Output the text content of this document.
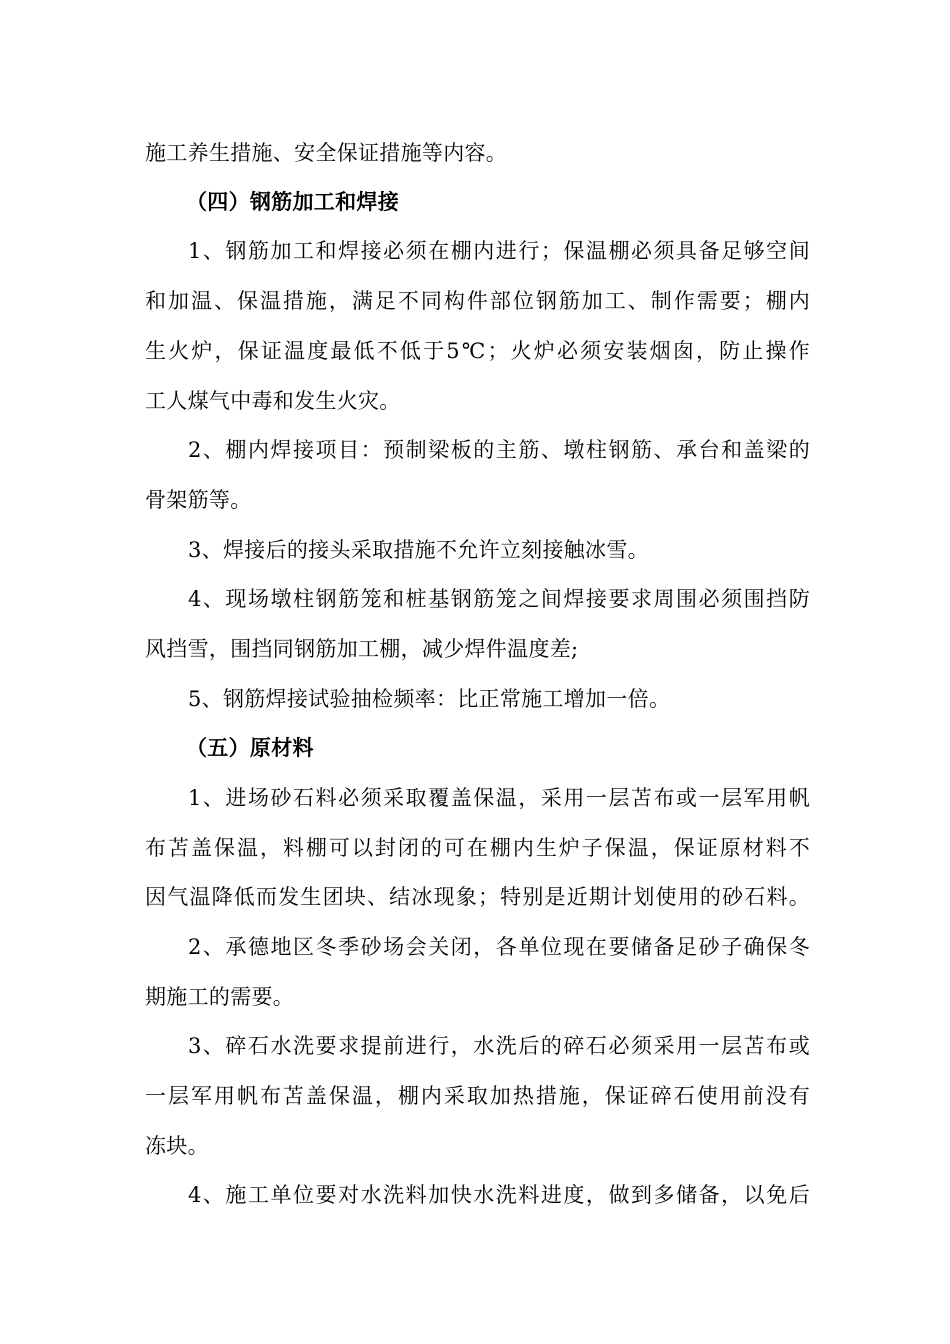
施工养生措施、安全保证措施等内容。
（四）钢筋加工和焊接
1、钢筋加工和焊接必须在棚内进行；保温棚必须具备足够空间
和加温、保温措施，满足不同构件部位钢筋加工、制作需要；棚内
生火炉，保证温度最低不低于5℃；火炉必须安装烟囱，防止操作
工人煤气中毒和发生火灾。
2、棚内焊接项目：预制梁板的主筋、墩柱钢筋、承台和盖梁的
骨架筋等。
3、焊接后的接头采取措施不允许立刻接触冰雪。
4、现场墩柱钢筋笼和桩基钢筋笼之间焊接要求周围必须围挡防
风挡雪，围挡同钢筋加工棚，减少焊件温度差;
5、钢筋焊接试验抽检频率：比正常施工增加一倍。
（五）原材料
1、进场砂石料必须采取覆盖保温，采用一层苫布或一层军用帆
布苫盖保温，料棚可以封闭的可在棚内生炉子保温，保证原材料不
因气温降低而发生团块、结冰现象；特别是近期计划使用的砂石料。
2、承德地区冬季砂场会关闭，各单位现在要储备足砂子确保冬
期施工的需要。
3、碎石水洗要求提前进行，水洗后的碎石必须采用一层苫布或
一层军用帆布苫盖保温，棚内采取加热措施，保证碎石使用前没有
冻块。
4、施工单位要对水洗料加快水洗料进度，做到多储备，以免后
